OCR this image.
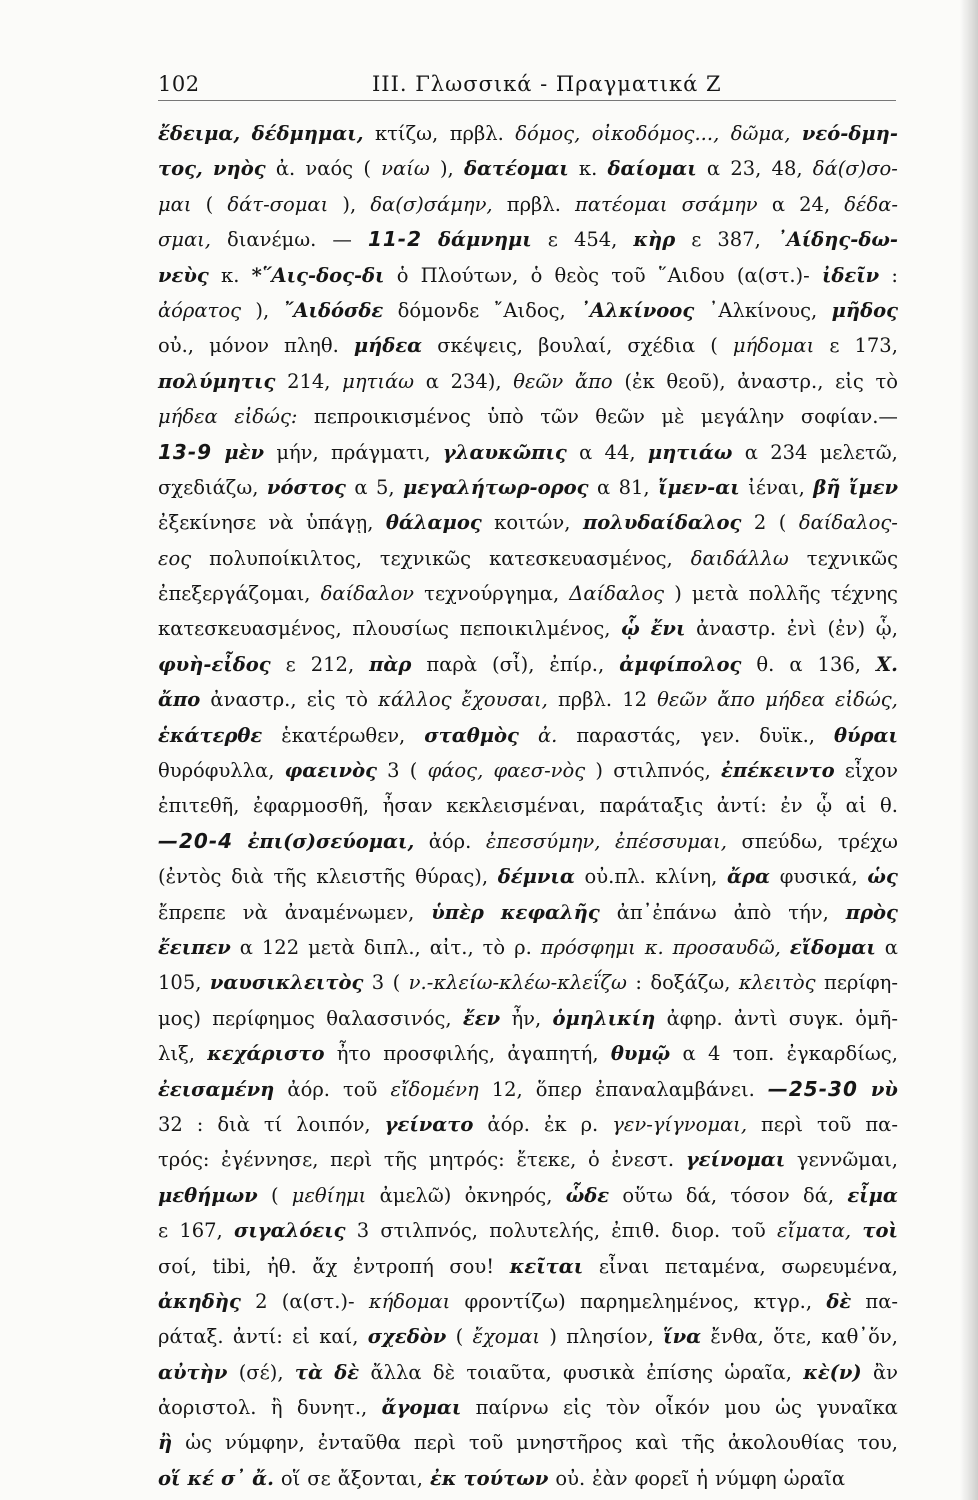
102	III. Γλωσσικά - Πραγματικά Ζ
ἔδειμα, δέδμημαι, κτίζω, πρβλ. δόμος, οἰκοδόμος..., δῶμα, νεό-δμη-
τος, νηὸς ἀ. ναός ( ναίω ), δατέομαι κ. δαίομαι α 23, 48, δά(σ)σο-
μαι ( δάτ-σομαι ), δα(σ)σάμην, πρβλ. πατέομαι σσάμην α 24, δέδα-
σμαι, διανέμω. — 11-2 δάμνημι ε 454, κὴρ ε 387, ᾿Αίδης-δω-
νεὺς κ. *῞Αις-δος-δι ὁ Πλούτων, ὁ θεὸς τοῦ ῞Αιδου (α(στ.)- ἰδεῖν :
ἀόρατος ), ῎Αιδόσδε δόμονδε ῎Αιδος, ᾿Αλκίνοος ᾿Αλκίνους, μῆδος
οὐ., μόνον πληθ. μήδεα σκέψεις, βουλαί, σχέδια ( μήδομαι ε 173,
πολύμητις 214, μητιάω α 234), θεῶν ἄπο (ἐκ θεοῦ), ἀναστρ., εἰς τὸ
μήδεα εἰδώς: πεπροικισμένος ὑπὸ τῶν θεῶν μὲ μεγάλην σοφίαν.—
13-9 μὲν μήν, πράγματι, γλαυκῶπις α 44, μητιάω α 234 μελετῶ,
σχεδιάζω, νόστος α 5, μεγαλήτωρ-ορος α 81, ἴμεν-αι ἰέναι, βῆ ἴμεν
ἐξεκίνησε νὰ ὑπάγῃ, θάλαμος κοιτών, πολυδαίδαλος 2 ( δαίδαλος-
εος πολυποίκιλτος, τεχνικῶς κατεσκευασμένος, δαιδάλλω τεχνικῶς
ἐπεξεργάζομαι, δαίδαλον τεχνούργημα, Δαίδαλος ) μετὰ πολλῆς τέχνης
κατεσκευασμένος, πλουσίως πεποικιλμένος, ᾧ ἔνι ἀναστρ. ἐνὶ (ἐν) ᾧ,
φυὴ-εἶδος ε 212, πὰρ παρὰ (σἶ), ἐπίρ., ἀμφίπολος θ. α 136, Χ.
ἄπο ἀναστρ., εἰς τὸ κάλλος ἔχουσαι, πρβλ. 12 θεῶν ἄπο μήδεα εἰδώς,
ἑκάτερθε ἑκατέρωθεν, σταθμὸς ἀ. παραστάς, γεν. δυϊκ., θύραι
θυρόφυλλα, φαεινὸς 3 ( φάος, φαεσ-νὸς ) στιλπνός, ἐπέκειντο εἶχον
ἐπιτεθῆ, ἐφαρμοσθῆ, ἦσαν κεκλεισμέναι, παράταξις ἀντί: ἐν ᾧ αἱ θ.
—20-4 ἐπι(σ)σεύομαι, ἀόρ. ἐπεσσύμην, ἐπέσσυμαι, σπεύδω, τρέχω
(ἐντὸς διὰ τῆς κλειστῆς θύρας), δέμνια οὐ.πλ. κλίνη, ἄρα φυσικά, ὡς
ἔπρεπε νὰ ἀναμένωμεν, ὑπὲρ κεφαλῆς ἀπ᾿ἐπάνω ἀπὸ τήν, πρὸς
ἔειπεν α 122 μετὰ διπλ., αἰτ., τὸ ρ. πρόσφημι κ. προσαυδῶ, εἴδομαι α
105, ναυσικλειτὸς 3 ( ν.-κλείω-κλέω-κλεΐζω : δοξάζω, κλειτὸς περίφη-
μος) περίφημος θαλασσινός, ἔεν ἦν, ὁμηλικίη ἀφηρ. ἀντὶ συγκ. ὁμῆ-
λιξ, κεχάριστο ἦτο προσφιλής, ἀγαπητή, θυμῷ α 4 τοπ. ἐγκαρδίως,
ἐεισαμένη ἀόρ. τοῦ εἴδομένη 12, ὅπερ ἐπαναλαμβάνει. —25-30 νὺ
32 : διὰ τί λοιπόν, γείνατο ἀόρ. ἐκ ρ. γεν-γίγνομαι, περὶ τοῦ πα-
τρός: ἐγέννησε, περὶ τῆς μητρός: ἔτεκε, ὁ ἐνεστ. γείνομαι γεννῶμαι,
μεθήμων ( μεθίημι ἀμελῶ) ὀκνηρός, ὧδε οὕτω δά, τόσον δά, εἶμα
ε 167, σιγαλόεις 3 στιλπνός, πολυτελής, ἐπιθ. διορ. τοῦ εἴματα, τοὶ
σοί, tibi, ἠθ. ἄχ ἐντροπή σου! κεῖται εἶναι πεταμένα, σωρευμένα,
ἀκηδὴς 2 (α(στ.)- κήδομαι φροντίζω) παρημελημένος, κτγρ., δὲ πα-
ράταξ. ἀντί: εἰ καί, σχεδὸν ( ἔχομαι ) πλησίον, ἵνα ἔνθα, ὅτε, καθ᾿ὅν,
αὐτὴν (σέ), τὰ δὲ ἄλλα δὲ τοιαῦτα, φυσικὰ ἐπίσης ὡραῖα, κὲ(ν) ἂν
ἀοριστολ. ἢ δυνητ., ἄγομαι παίρνω εἰς τὸν οἶκόν μου ὡς γυναῖκα
ἢ ὡς νύμφην, ἐνταῦθα περὶ τοῦ μνηστῆρος καὶ τῆς ἀκολουθίας του,
οἵ κέ σ᾿ ἄ. οἵ σε ἄξονται, ἐκ τούτων οὐ. ἐὰν φορεῖ ἡ νύμφη ὡραῖα
